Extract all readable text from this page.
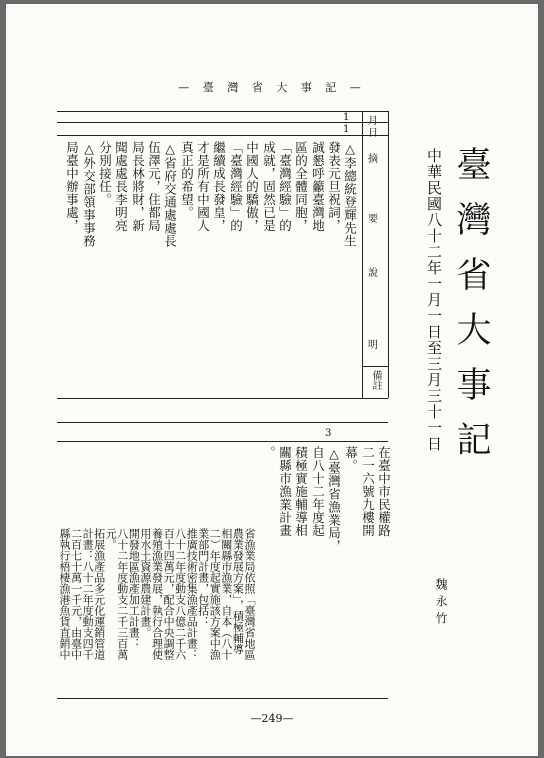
— 臺 灣 省 大 事 記 —
臺灣省大事記
中華民國八十二年一月一日至三月三十一日
魏永竹
月
日
摘
要
說
明
備註
1
1
△李總統登輝先生
發表元旦祝詞，
誠懇呼籲臺灣地
區的全體同胞，
「臺灣經驗」的
成就，固然已是
中國人的驕傲，
「臺灣經驗」的
繼續成長發皇，
才是所有中國人
真正的希望。
△省府交通處處長
伍澤元，住都局
局長林將財，新
聞處處長李明亮
分別接任。
△外交部領事事務
局臺中辦事處，
3
在臺中市民權路
二一六號九樓開
幕。
△臺灣省漁業局，
自八十二年度起
積極實施輔導相
關縣市漁業計畫
。
省漁業局依照「臺灣省地區
農業發展方案」，積極輔導
相關縣市漁業，自本（八十
二）年度起實施該方案中漁
業部門計畫，包括：
推廣技術密集漁產品計畫：
八十二年度動支八億二千六
百十四萬元，配合中央調整
養殖漁業發展，執行合理使
用水土資源農建計畫。
開發地區漁產加工計畫：
八十二年度動支二千三百萬
元。
拓展漁產品多元化運銷管道
計畫：八十二年度動支四千
二百七十萬一千元，由臺中
縣執行梧棲漁港魚貨直銷中
—249—
